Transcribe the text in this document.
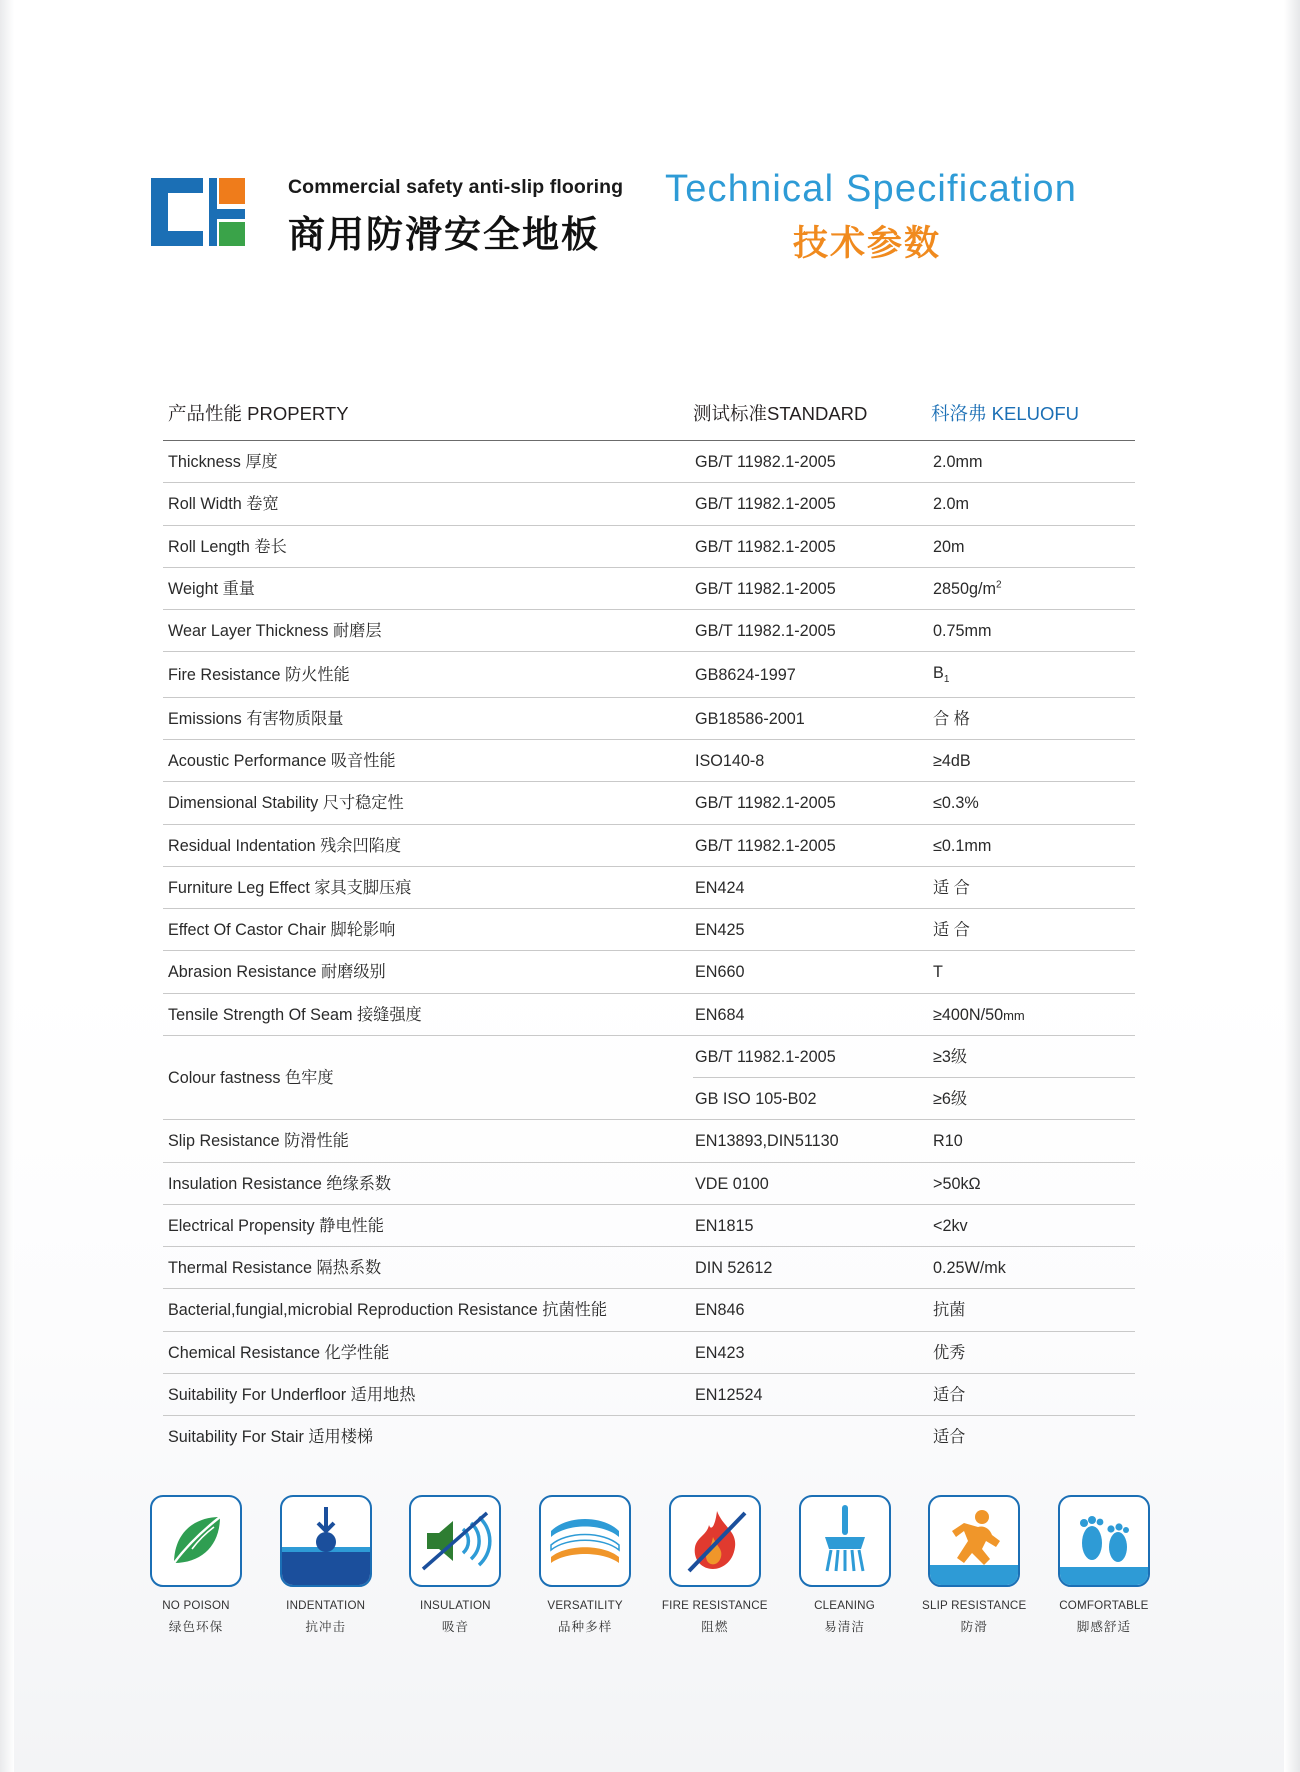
Commercial safety anti-slip flooring
商用防滑安全地板
Technical Specification
技术参数
产品性能 PROPERTY	测试标准STANDARD	科洛弗 KELUOFU

Thickness 厚度	GB/T 11982.1-2005	2.0mm
Roll Width 卷宽	GB/T 11982.1-2005	2.0m
Roll Length 卷长	GB/T 11982.1-2005	20m
Weight 重量	GB/T 11982.1-2005	$2850g/m^2$
Wear Layer Thickness 耐磨层	GB/T 11982.1-2005	0.75mm
Fire Resistance 防火性能	GB8624-1997	$B_1$
Emissions 有害物质限量	GB18586-2001	合 格
Acoustic Performance 吸音性能	ISO140-8	≥4dB
Dimensional Stability 尺寸稳定性	GB/T 11982.1-2005	≤0.3%
Residual Indentation 残余凹陷度	GB/T 11982.1-2005	≤0.1mm
Furniture Leg Effect 家具支脚压痕	EN424	适 合
Effect Of Castor Chair 脚轮影响	EN425	适 合
Abrasion Resistance 耐磨级别	EN660	T
Tensile Strength Of Seam 接缝强度	EN684	≥400N/50mm
Colour fastness 色牢度	GB/T 11982.1-2005	≥3级
	GB ISO 105-B02	≥6级
Slip Resistance 防滑性能	EN13893,DIN51130	R10
Insulation Resistance 绝缘系数	VDE 0100	>50kΩ
Electrical Propensity 静电性能	EN1815	<2kv
Thermal Resistance 隔热系数	DIN 52612	0.25W/mk
Bacterial,fungial,microbial Reproduction Resistance 抗菌性能	EN846	抗菌
Chemical Resistance 化学性能	EN423	优秀
Suitability For Underfloor 适用地热	EN12524	适合
Suitability For Stair 适用楼梯		适合
NO POISON
绿色环保
INDENTATION
抗冲击
INSULATION
吸音
VERSATILITY
品种多样
FIRE RESISTANCE
阻燃
CLEANING
易清洁
SLIP RESISTANCE
防滑
COMFORTABLE
脚感舒适
